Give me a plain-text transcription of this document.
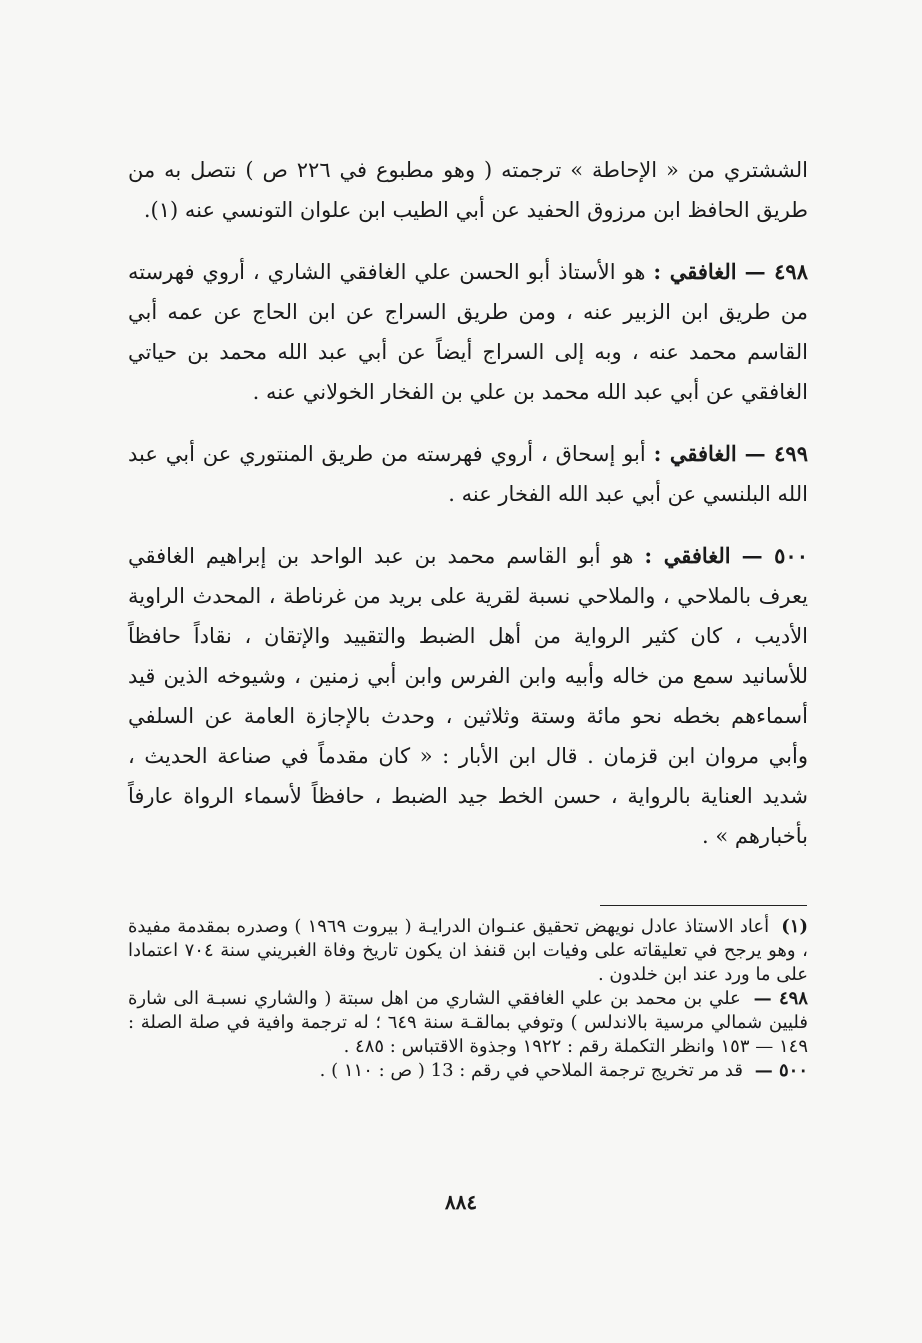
الششتري من « الإحاطة » ترجمته ( وهو مطبوع في ٢٢٦ ص ) نتصل به من طريق الحافظ ابن مرزوق الحفيد عن أبي الطيب ابن علوان التونسي عنه (١).

٤٩٨ — الغافقي : هو الأستاذ أبو الحسن علي الغافقي الشاري ، أروي فهرسته من طريق ابن الزبير عنه ، ومن طريق السراج عن ابن الحاج عن عمه أبي القاسم محمد عنه ، وبه إلى السراج أيضاً عن أبي عبد الله محمد بن حياتي الغافقي عن أبي عبد الله محمد بن علي بن الفخار الخولاني عنه .

٤٩٩ — الغافقي : أبو إسحاق ، أروي فهرسته من طريق المنتوري عن أبي عبد الله البلنسي عن أبي عبد الله الفخار عنه .

٥٠٠ — الغافقي : هو أبو القاسم محمد بن عبد الواحد بن إبراهيم الغافقي يعرف بالملاحي ، والملاحي نسبة لقرية على بريد من غرناطة ، المحدث الراوية الأديب ، كان كثير الرواية من أهل الضبط والتقييد والإتقان ، نقاداً حافظاً للأسانيد سمع من خاله وأبيه وابن الفرس وابن أبي زمنين ، وشيوخه الذين قيد أسماءهم بخطه نحو مائة وستة وثلاثين ، وحدث بالإجازة العامة عن السلفي وأبي مروان ابن قزمان . قال ابن الأبار : « كان مقدماً في صناعة الحديث ، شديد العناية بالرواية ، حسن الخط جيد الضبط ، حافظاً لأسماء الرواة عارفاً بأخبارهم » .

(١) أعاد الاستاذ عادل نويهض تحقيق عنـوان الدرايـة ( بيروت ١٩٦٩ ) وصدره بمقدمة مفيدة ، وهو يرجح في تعليقاته على وفيات ابن قنفذ ان يكون تاريخ وفاة الغبريني سنة ٧٠٤ اعتمادا على ما ورد عند ابن خلدون .

٤٩٨ — علي بن محمد بن علي الغافقي الشاري من اهل سبتة ( والشاري نسبـة الى شارة فليين شمالي مرسية بالاندلس ) وتوفي بمالقـة سنة ٦٤٩ ؛ له ترجمة وافية في صلة الصلة : ١٤٩ — ١٥٣ وانظر التكملة رقم : ١٩٢٢ وجذوة الاقتباس : ٤٨٥ .

٥٠٠ — قد مر تخريج ترجمة الملاحي في رقم : 13 ( ص : ١١٠ ) .

٨٨٤
